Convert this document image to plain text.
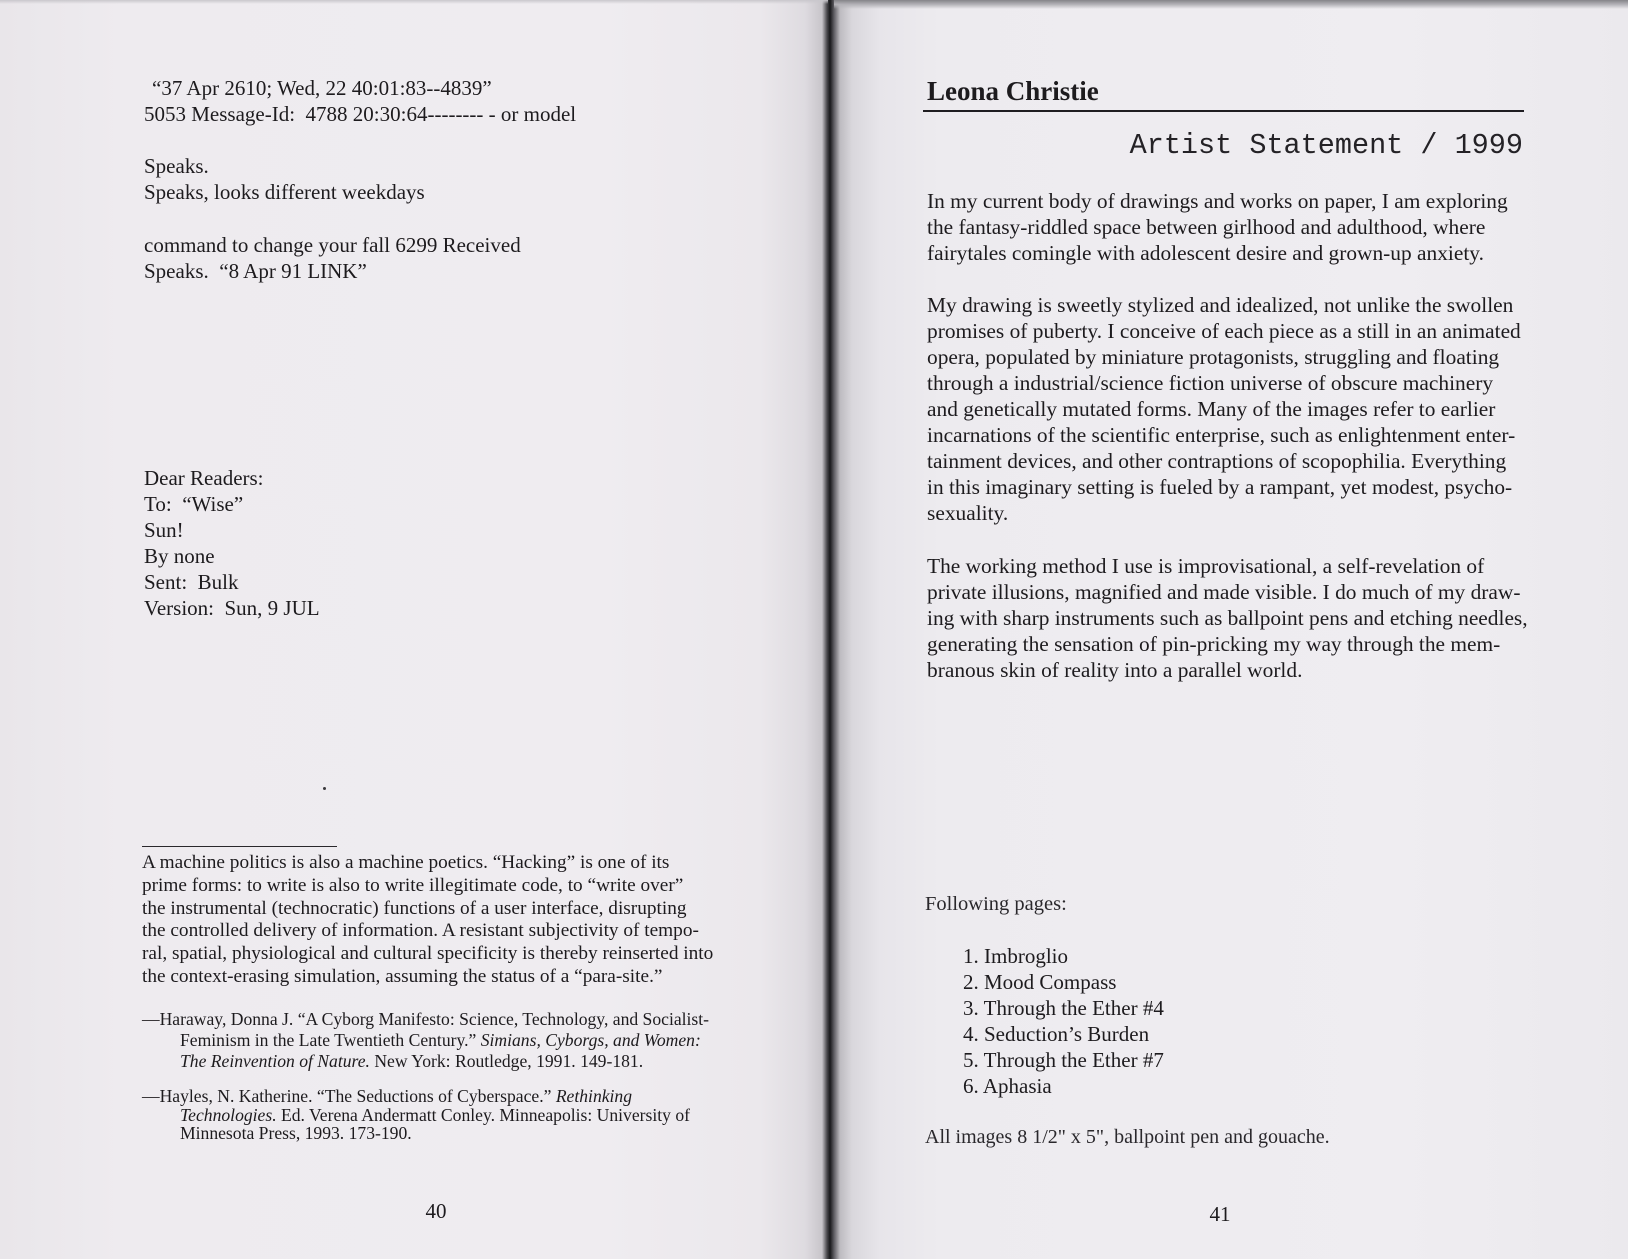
“37 Apr 2610; Wed, 22 40:01:83--4839”
5053 Message-Id:  4788 20:30:64-------- - or model
Speaks.
Speaks, looks different weekdays
command to change your fall 6299 Received
Speaks.  “8 Apr 91 LINK”
Dear Readers:
To:  “Wise”
Sun!
By none
Sent:  Bulk
Version:  Sun, 9 JUL
A machine politics is also a machine poetics. “Hacking” is one of its
prime forms: to write is also to write illegitimate code, to “write over”
the instrumental (technocratic) functions of a user interface, disrupting
the controlled delivery of information. A resistant subjectivity of tempo-
ral, spatial, physiological and cultural specificity is thereby reinserted into
the context-erasing simulation, assuming the status of a “para-site.”
—Haraway, Donna J. “A Cyborg Manifesto: Science, Technology, and Socialist-
Feminism in the Late Twentieth Century.” Simians, Cyborgs, and Women:
The Reinvention of Nature. New York: Routledge, 1991. 149-181.
—Hayles, N. Katherine. “The Seductions of Cyberspace.” Rethinking
Technologies. Ed. Verena Andermatt Conley. Minneapolis: University of
Minnesota Press, 1993. 173-190.
40
Leona Christie
Artist Statement / 1999
In my current body of drawings and works on paper, I am exploring
the fantasy-riddled space between girlhood and adulthood, where
fairytales comingle with adolescent desire and grown-up anxiety.
My drawing is sweetly stylized and idealized, not unlike the swollen
promises of puberty. I conceive of each piece as a still in an animated
opera, populated by miniature protagonists, struggling and floating
through a industrial/science fiction universe of obscure machinery
and genetically mutated forms. Many of the images refer to earlier
incarnations of the scientific enterprise, such as enlightenment enter-
tainment devices, and other contraptions of scopophilia. Everything
in this imaginary setting is fueled by a rampant, yet modest, psycho-
sexuality.
The working method I use is improvisational, a self-revelation of
private illusions, magnified and made visible. I do much of my draw-
ing with sharp instruments such as ballpoint pens and etching needles,
generating the sensation of pin-pricking my way through the mem-
branous skin of reality into a parallel world.
Following pages:
1. Imbroglio
2. Mood Compass
3. Through the Ether #4
4. Seduction’s Burden
5. Through the Ether #7
6. Aphasia
All images 8 1/2" x 5", ballpoint pen and gouache.
41
